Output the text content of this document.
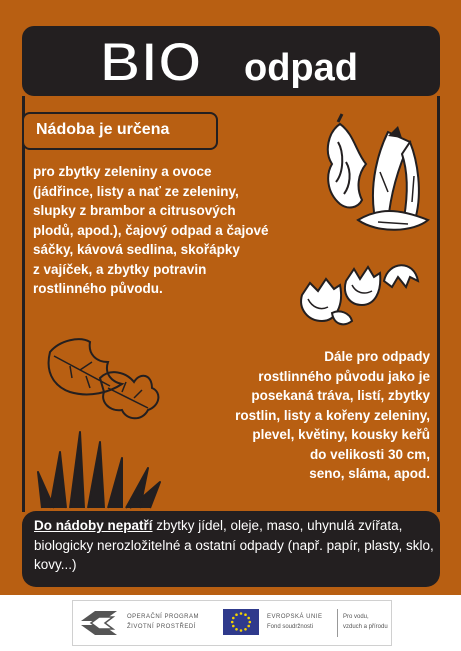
BIO odpad
Nádoba je určena
pro zbytky zeleniny a ovoce
(jádřince, listy a nať ze zeleniny,
slupky z brambor a citrusových
plodů, apod.), čajový odpad a čajové
sáčky, kávová sedlina, skořápky
z vajíček, a zbytky potravin
rostlinného původu.
Dále pro odpady
rostlinného původu jako je
posekaná tráva, listí, zbytky
rostlin, listy a kořeny zeleniny,
plevel, květiny, kousky keřů
do velikosti 30 cm,
seno, sláma, apod.
Do nádoby nepatří zbytky jídel, oleje, maso, uhynulá zvířata, biologicky nerozložitelné a ostatní odpady (např. papír, plasty, sklo, kovy...)
OPERAČNÍ PROGRAM
ŽIVOTNÍ PROSTŘEDÍ
EVROPSKÁ UNIE
Fond soudržnosti
Pro vodu,
vzduch a přírodu
